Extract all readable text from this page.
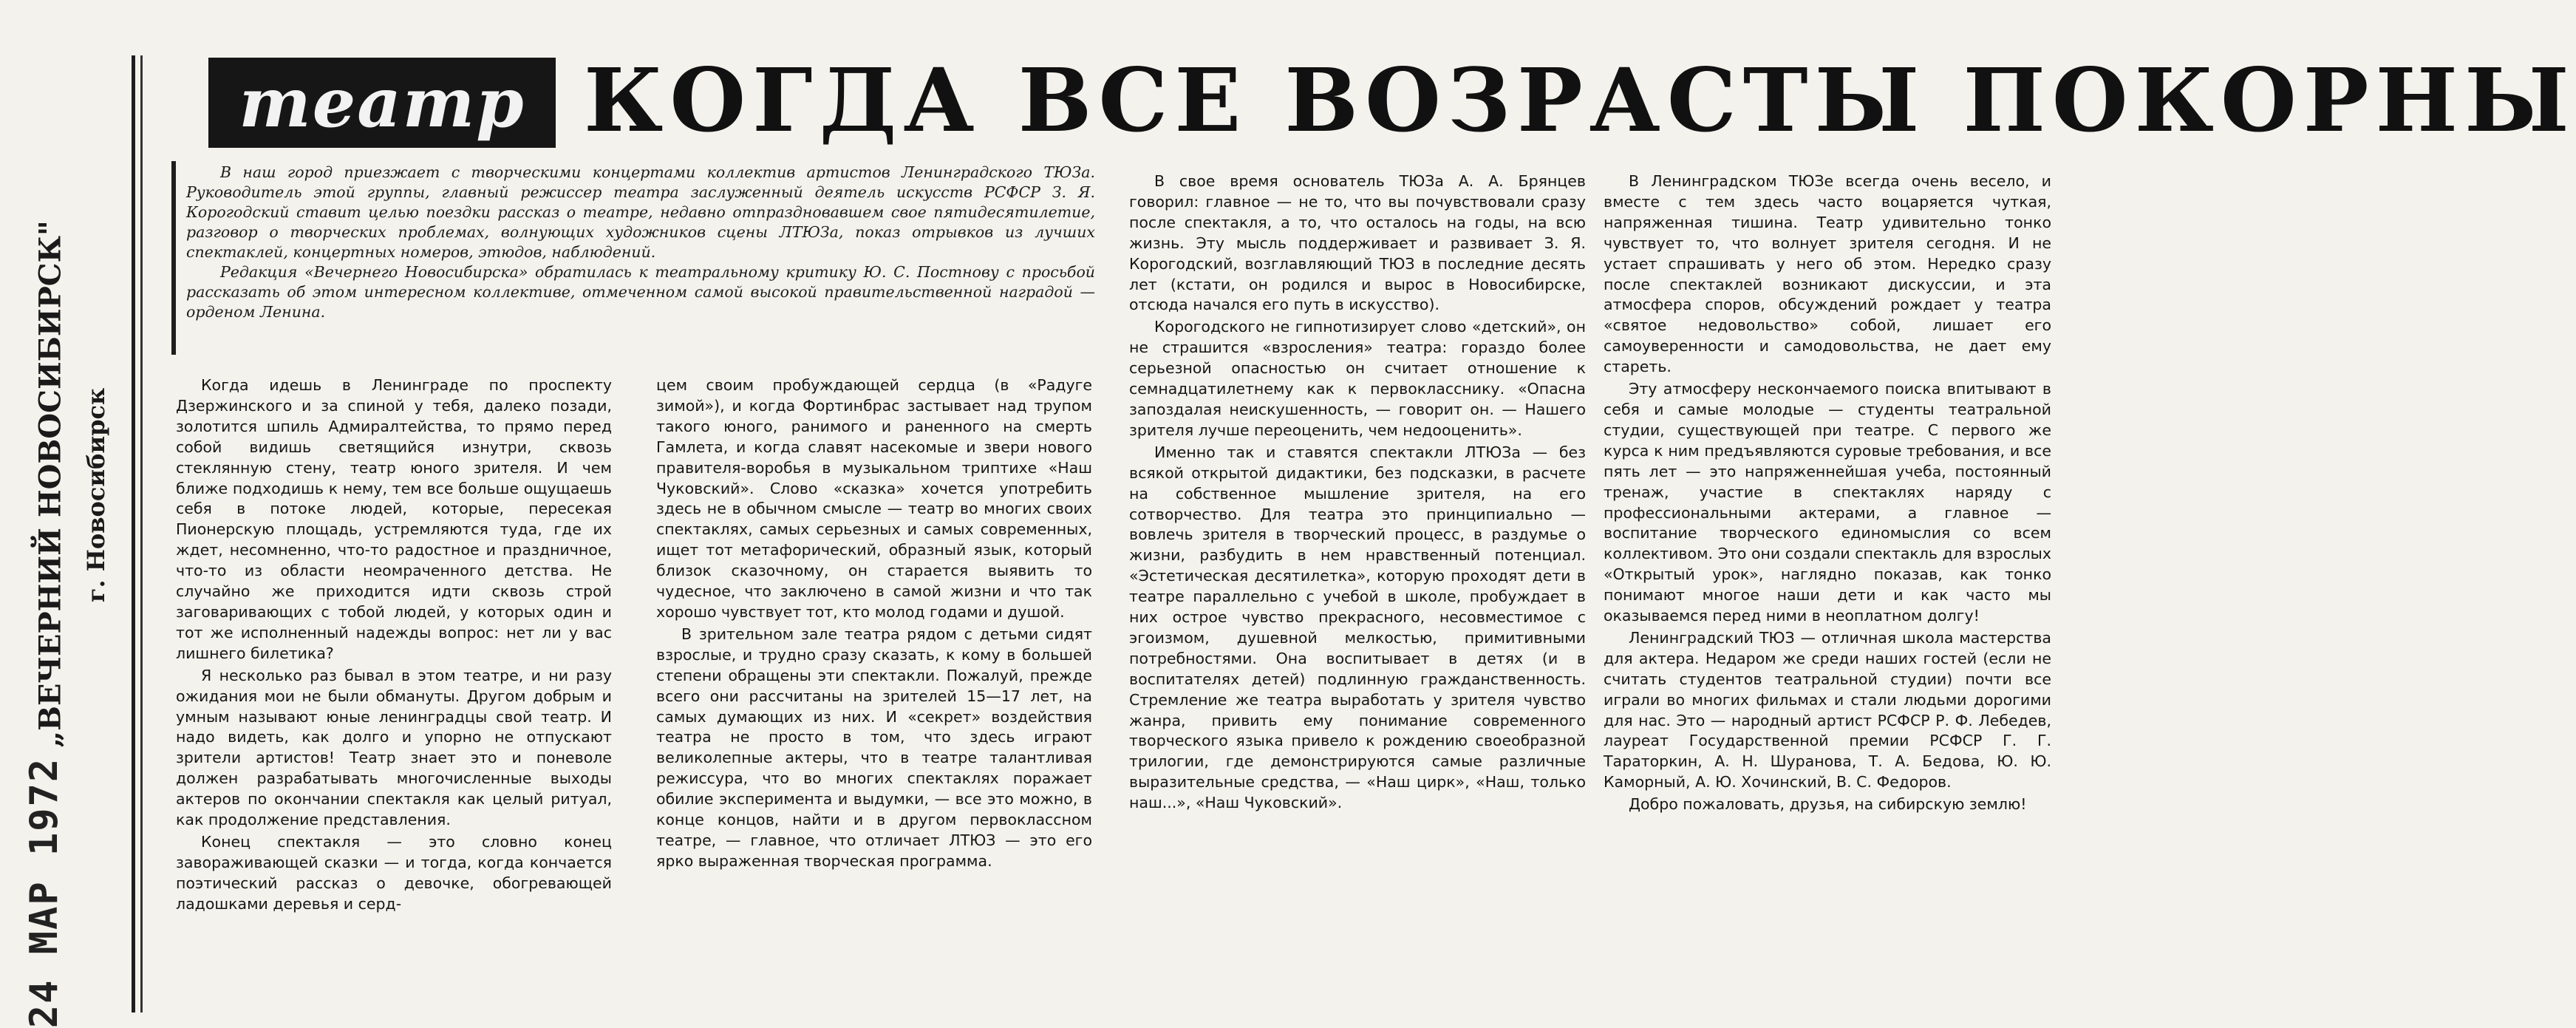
24 МАР 1972
„ВЕЧЕРНИЙ НОВОСИБИРСК" г. Новосибирск
театр КОГДА ВСЕ ВОЗРАСТЫ ПОКОРНЫ

В наш город приезжает с творческими концертами коллектив артистов Ленинградского ТЮЗа. Руководитель этой группы, главный режиссер театра заслуженный деятель искусств РСФСР З. Я. Корогодский ставит целью поездки рассказ о театре, недавно отпраздновавшем свое пятидесятилетие, разговор о творческих проблемах, волнующих художников сцены ЛТЮЗа, показ отрывков из лучших спектаклей, концертных номеров, этюдов, наблюдений.

Редакция «Вечернего Новосибирска» обратилась к театральному критику Ю. С. Постнову с просьбой рассказать об этом интересном коллективе, отмеченном самой высокой правительственной наградой — орденом Ленина.

Когда идешь в Ленинграде по проспекту Дзержинского и за спиной у тебя, далеко позади, золотится шпиль Адмиралтейства, то прямо перед собой видишь светящийся изнутри, сквозь стеклянную стену, театр юного зрителя. И чем ближе подходишь к нему, тем все больше ощущаешь себя в потоке людей, которые, пересекая Пионерскую площадь, устремляются туда, где их ждет, несомненно, что-то радостное и праздничное, что-то из области неомраченного детства. Не случайно же приходится идти сквозь строй заговаривающих с тобой людей, у которых один и тот же исполненный надежды вопрос: нет ли у вас лишнего билетика?

Я несколько раз бывал в этом театре, и ни разу ожидания мои не были обмануты. Другом добрым и умным называют юные ленинградцы свой театр. И надо видеть, как долго и упорно не отпускают зрители артистов! Театр знает это и поневоле должен разрабатывать многочисленные выходы актеров по окончании спектакля как целый ритуал, как продолжение представления.

Конец спектакля — это словно конец завораживающей сказки — и тогда, когда кончается поэтический рассказ о девочке, обогревающей ладошками деревья и серд-

цем своим пробуждающей сердца (в «Радуге зимой»), и когда Фортинбрас застывает над трупом такого юного, ранимого и раненного на смерть Гамлета, и когда славят насекомые и звери нового правителя-воробья в музыкальном триптихе «Наш Чуковский». Слово «сказка» хочется употребить здесь не в обычном смысле — театр во многих своих спектаклях, самых серьезных и самых современных, ищет тот метафорический, образный язык, который близок сказочному, он старается выявить то чудесное, что заключено в самой жизни и что так хорошо чувствует тот, кто молод годами и душой.

В зрительном зале театра рядом с детьми сидят взрослые, и трудно сразу сказать, к кому в большей степени обращены эти спектакли. Пожалуй, прежде всего они рассчитаны на зрителей 15—17 лет, на самых думающих из них. И «секрет» воздействия театра не просто в том, что здесь играют великолепные актеры, что в театре талантливая режиссура, что во многих спектаклях поражает обилие эксперимента и выдумки, — все это можно, в конце концов, найти и в другом первоклассном театре, — главное, что отличает ЛТЮЗ — это его ярко выраженная творческая программа.

В свое время основатель ТЮЗа А. А. Брянцев говорил: главное — не то, что вы почувствовали сразу после спектакля, а то, что осталось на годы, на всю жизнь. Эту мысль поддерживает и развивает З. Я. Корогодский, возглавляющий ТЮЗ в последние десять лет (кстати, он родился и вырос в Новосибирске, отсюда начался его путь в искусство).

Корогодского не гипнотизирует слово «детский», он не страшится «взросления» театра: гораздо более серьезной опасностью он считает отношение к семнадцатилетнему как к первокласснику. «Опасна запоздалая неискушенность, — говорит он. — Нашего зрителя лучше переоценить, чем недооценить».

Именно так и ставятся спектакли ЛТЮЗа — без всякой открытой дидактики, без подсказки, в расчете на собственное мышление зрителя, на его сотворчество. Для театра это принципиально — вовлечь зрителя в творческий процесс, в раздумье о жизни, разбудить в нем нравственный потенциал. «Эстетическая десятилетка», которую проходят дети в театре параллельно с учебой в школе, пробуждает в них острое чувство прекрасного, несовместимое с эгоизмом, душевной мелкостью, примитивными потребностями. Она воспитывает в детях (и в воспитателях детей) подлинную гражданственность. Стремление же театра выработать у зрителя чувство жанра, привить ему понимание современного творческого языка привело к рождению своеобразной трилогии, где демонстрируются самые различные выразительные средства, — «Наш цирк», «Наш, только наш...», «Наш Чуковский».

В Ленинградском ТЮЗе всегда очень весело, и вместе с тем здесь часто воцаряется чуткая, напряженная тишина. Театр удивительно тонко чувствует то, что волнует зрителя сегодня. И не устает спрашивать у него об этом. Нередко сразу после спектаклей возникают дискуссии, и эта атмосфера споров, обсуждений рождает у театра «святое недовольство» собой, лишает его самоуверенности и самодовольства, не дает ему стареть.

Эту атмосферу нескончаемого поиска впитывают в себя и самые молодые — студенты театральной студии, существующей при театре. С первого же курса к ним предъявляются суровые требования, и все пять лет — это напряженнейшая учеба, постоянный тренаж, участие в спектаклях наряду с профессиональными актерами, а главное — воспитание творческого единомыслия со всем коллективом. Это они создали спектакль для взрослых «Открытый урок», наглядно показав, как тонко понимают многое наши дети и как часто мы оказываемся перед ними в неоплатном долгу!

Ленинградский ТЮЗ — отличная школа мастерства для актера. Недаром же среди наших гостей (если не считать студентов театральной студии) почти все играли во многих фильмах и стали людьми дорогими для нас. Это — народный артист РСФСР Р. Ф. Лебедев, лауреат Государственной премии РСФСР Г. Г. Тараторкин, А. Н. Шуранова, Т. А. Бедова, Ю. Ю. Каморный, А. Ю. Хочинский, В. С. Федоров.

Добро пожаловать, друзья, на сибирскую землю!
